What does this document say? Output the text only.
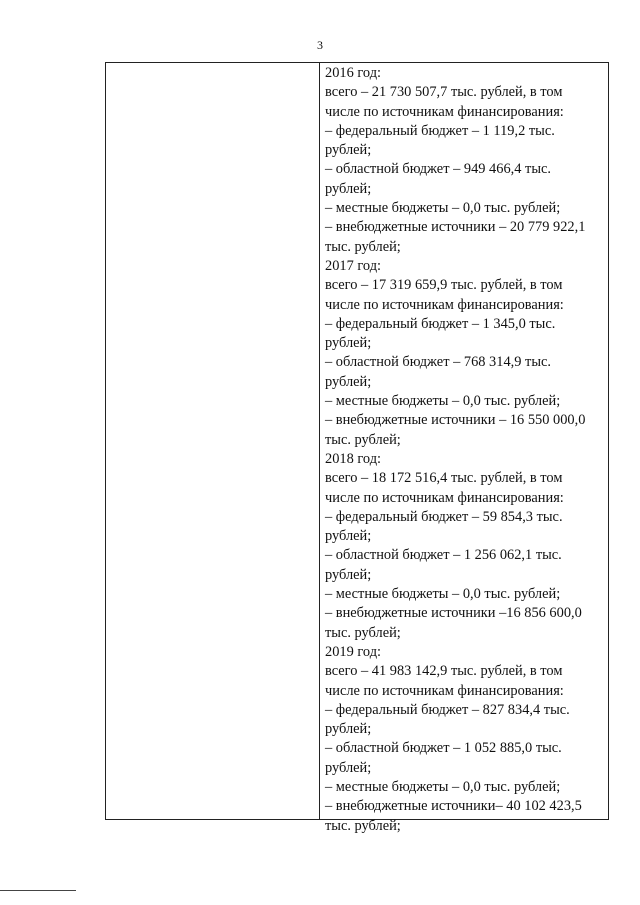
3
2016 год:
всего – 21 730 507,7 тыс. рублей, в том
числе по источникам финансирования:
– федеральный бюджет – 1 119,2 тыс.
рублей;
– областной бюджет – 949 466,4 тыс.
рублей;
– местные бюджеты – 0,0 тыс. рублей;
– внебюджетные источники – 20 779 922,1
тыс. рублей;
2017 год:
всего – 17 319 659,9 тыс. рублей, в том
числе по источникам финансирования:
– федеральный бюджет – 1 345,0 тыс.
рублей;
– областной бюджет – 768 314,9 тыс.
рублей;
– местные бюджеты – 0,0 тыс. рублей;
– внебюджетные источники – 16 550 000,0
тыс. рублей;
2018 год:
всего – 18 172 516,4 тыс. рублей, в том
числе по источникам финансирования:
– федеральный бюджет – 59 854,3 тыс.
рублей;
– областной бюджет – 1 256 062,1 тыс.
рублей;
– местные бюджеты – 0,0 тыс. рублей;
– внебюджетные источники –16 856 600,0
тыс. рублей;
2019 год:
всего – 41 983 142,9 тыс. рублей, в том
числе по источникам финансирования:
– федеральный бюджет – 827 834,4 тыс.
рублей;
– областной бюджет – 1 052 885,0 тыс.
рублей;
– местные бюджеты – 0,0 тыс. рублей;
– внебюджетные источники– 40 102 423,5
тыс. рублей;
